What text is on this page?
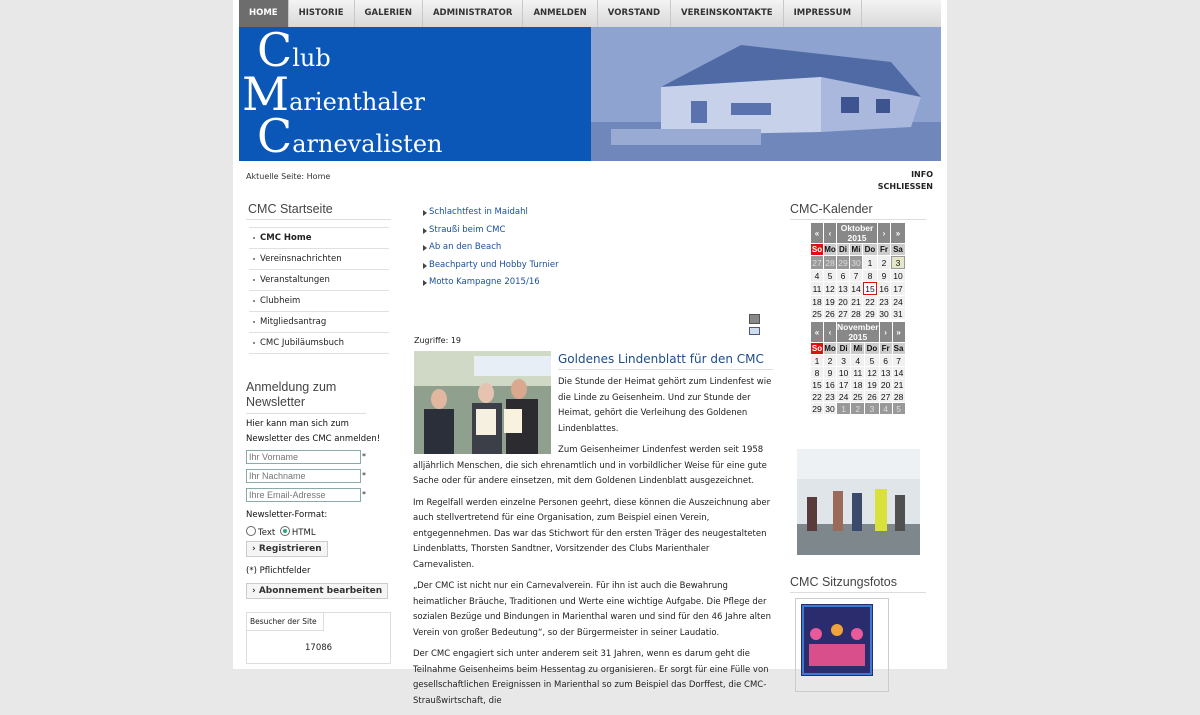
HOME	HISTORIE	GALERIEN	ADMINISTRATOR	ANMELDEN	VORSTAND	VEREINSKONTAKTE	IMPRESSUM
Club
Marienthaler
Carnevalisten
Aktuelle Seite: Home	INFO
SCHLIESSEN
CMC Startseite
CMC Home
Vereinsnachrichten
Veranstaltungen
Clubheim
Mitgliedsantrag
CMC Jubiläumsbuch
Anmeldung zum Newsletter
Hier kann man sich zum Newsletter des CMC anmelden!
Ihr Vorname
*
Ihr Nachname
*
Ihre Email-Adresse
*
Newsletter-Format:
Text HTML
› Registrieren
(*) Pflichtfelder
› Abonnement bearbeiten
Besucher der Site
17086
Schlachtfest in Maidahl
Straußi beim CMC
Ab an den Beach
Beachparty und Hobby Turnier
Motto Kampagne 2015/16

Zugriffe: 19
Goldenes Lindenblatt für den CMC

Die Stunde der Heimat gehört zum Lindenfest wie die Linde zu Geisenheim. Und zur Stunde der Heimat, gehört die Verleihung des Goldenen Lindenblattes.

Zum Geisenheimer Lindenfest werden seit 1958 alljährlich Menschen, die sich ehrenamtlich und in vorbildlicher Weise für eine gute Sache oder für andere einsetzen, mit dem Goldenen Lindenblatt ausgezeichnet.

Im Regelfall werden einzelne Personen geehrt, diese können die Auszeichnung aber auch stellvertretend für eine Organisation, zum Beispiel einen Verein, entgegennehmen. Das war das Stichwort für den ersten Träger des neugestalteten Lindenblatts, Thorsten Sandtner, Vorsitzender des Clubs Marienthaler Carnevalisten.

„Der CMC ist nicht nur ein Carnevalverein. Für ihn ist auch die Bewahrung heimatlicher Bräuche, Traditionen und Werte eine wichtige Aufgabe. Die Pflege der sozialen Bezüge und Bindungen in Marienthal waren und sind für den 46 Jahre alten Verein von großer Bedeutung“, so der Bürgermeister in seiner Laudatio.

Der CMC engagiert sich unter anderem seit 31 Jahren, wenn es darum geht die Teilnahme Geisenheims beim Hessentag zu organisieren. Er sorgt für eine Fülle von gesellschaftlichen Ereignissen in Marienthal so zum Beispiel das Dorffest, die CMC-Straußwirtschaft, die

CMC-Kalender
«	‹	Oktober 2015			›	»
So	Mo	Di	Mi	Do	Fr	Sa
27	28	29	30	1	2	3
4	5	6	7	8	9	10
11	12	13	14	15	16	17
18	19	20	21	22	23	24
25	26	27	28	29	30	31
«	‹	November 2015			›	»
So	Mo	Di	Mi	Do	Fr	Sa
1	2	3	4	5	6	7
8	9	10	11	12	13	14
15	16	17	18	19	20	21
22	23	24	25	26	27	28
29	30	1	2	3	4	5
CMC Sitzungsfotos
